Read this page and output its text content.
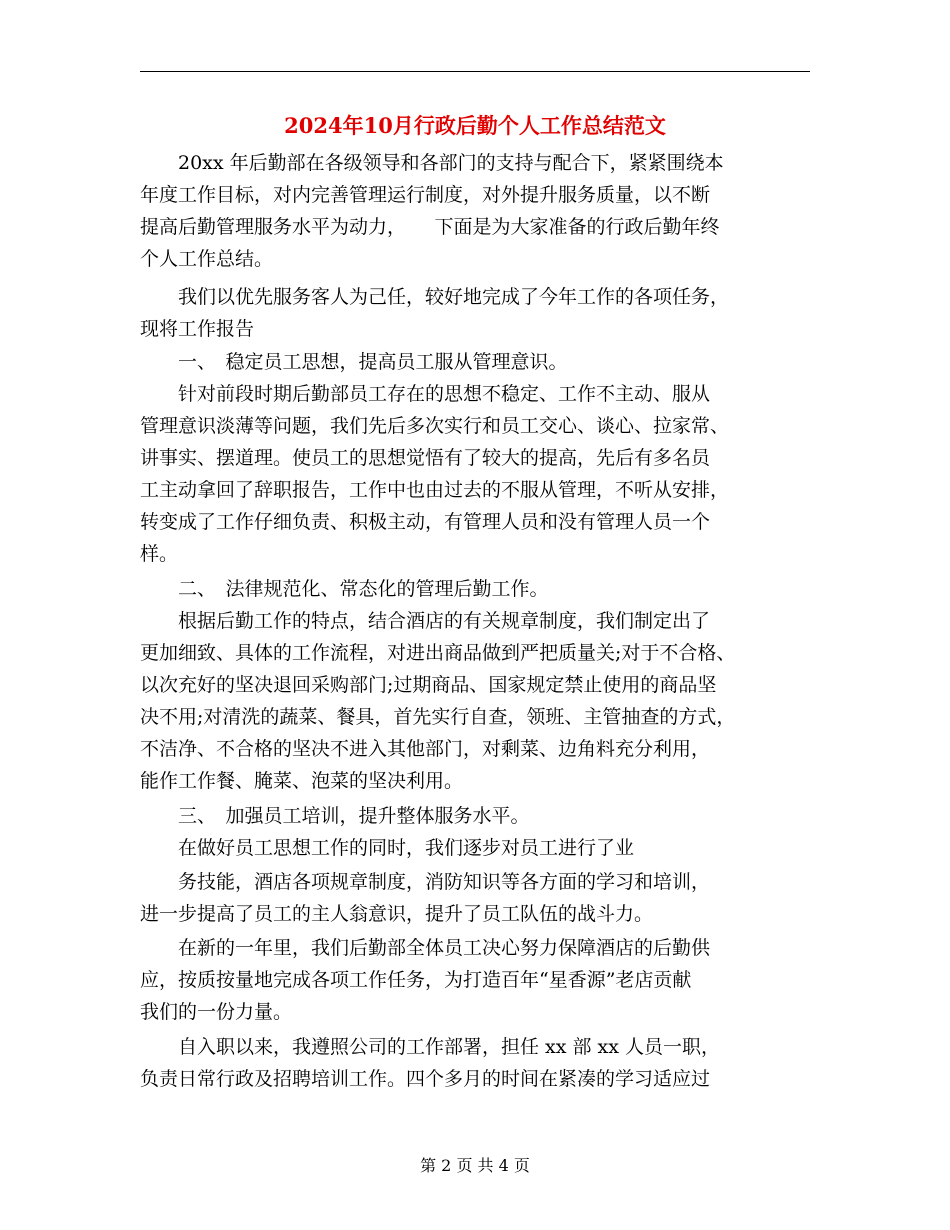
2024年10月行政后勤个人工作总结范文
　　20xx 年后勤部在各级领导和各部门的支持与配合下，紧紧围绕本
年度工作目标，对内完善管理运行制度，对外提升服务质量，以不断
提高后勤管理服务水平为动力，　　下面是为大家准备的行政后勤年终
个人工作总结。
　　我们以优先服务客人为己任，较好地完成了今年工作的各项任务，
现将工作报告
　　一、　稳定员工思想，提高员工服从管理意识。
　　针对前段时期后勤部员工存在的思想不稳定、工作不主动、服从
管理意识淡薄等问题，我们先后多次实行和员工交心、谈心、拉家常、
讲事实、摆道理。使员工的思想觉悟有了较大的提高，先后有多名员
工主动拿回了辞职报告，工作中也由过去的不服从管理，不听从安排，
转变成了工作仔细负责、积极主动，有管理人员和没有管理人员一个
样。
　　二、　法律规范化、常态化的管理后勤工作。
　　根据后勤工作的特点，结合酒店的有关规章制度，我们制定出了
更加细致、具体的工作流程，对进出商品做到严把质量关;对于不合格、
以次充好的坚决退回采购部门;过期商品、国家规定禁止使用的商品坚
决不用;对清洗的蔬菜、餐具，首先实行自查，领班、主管抽查的方式，
不洁净、不合格的坚决不进入其他部门，对剩菜、边角料充分利用，
能作工作餐、腌菜、泡菜的坚决利用。
　　三、　加强员工培训，提升整体服务水平。
　　在做好员工思想工作的同时，我们逐步对员工进行了业
　　务技能，酒店各项规章制度，消防知识等各方面的学习和培训，
进一步提高了员工的主人翁意识，提升了员工队伍的战斗力。
　　在新的一年里，我们后勤部全体员工决心努力保障酒店的后勤供
应，按质按量地完成各项工作任务，为打造百年“星香源”老店贡献
我们的一份力量。
　　自入职以来，我遵照公司的工作部署，担任 xx 部 xx 人员一职，
负责日常行政及招聘培训工作。四个多月的时间在紧凑的学习适应过
第 2 页 共 4 页
